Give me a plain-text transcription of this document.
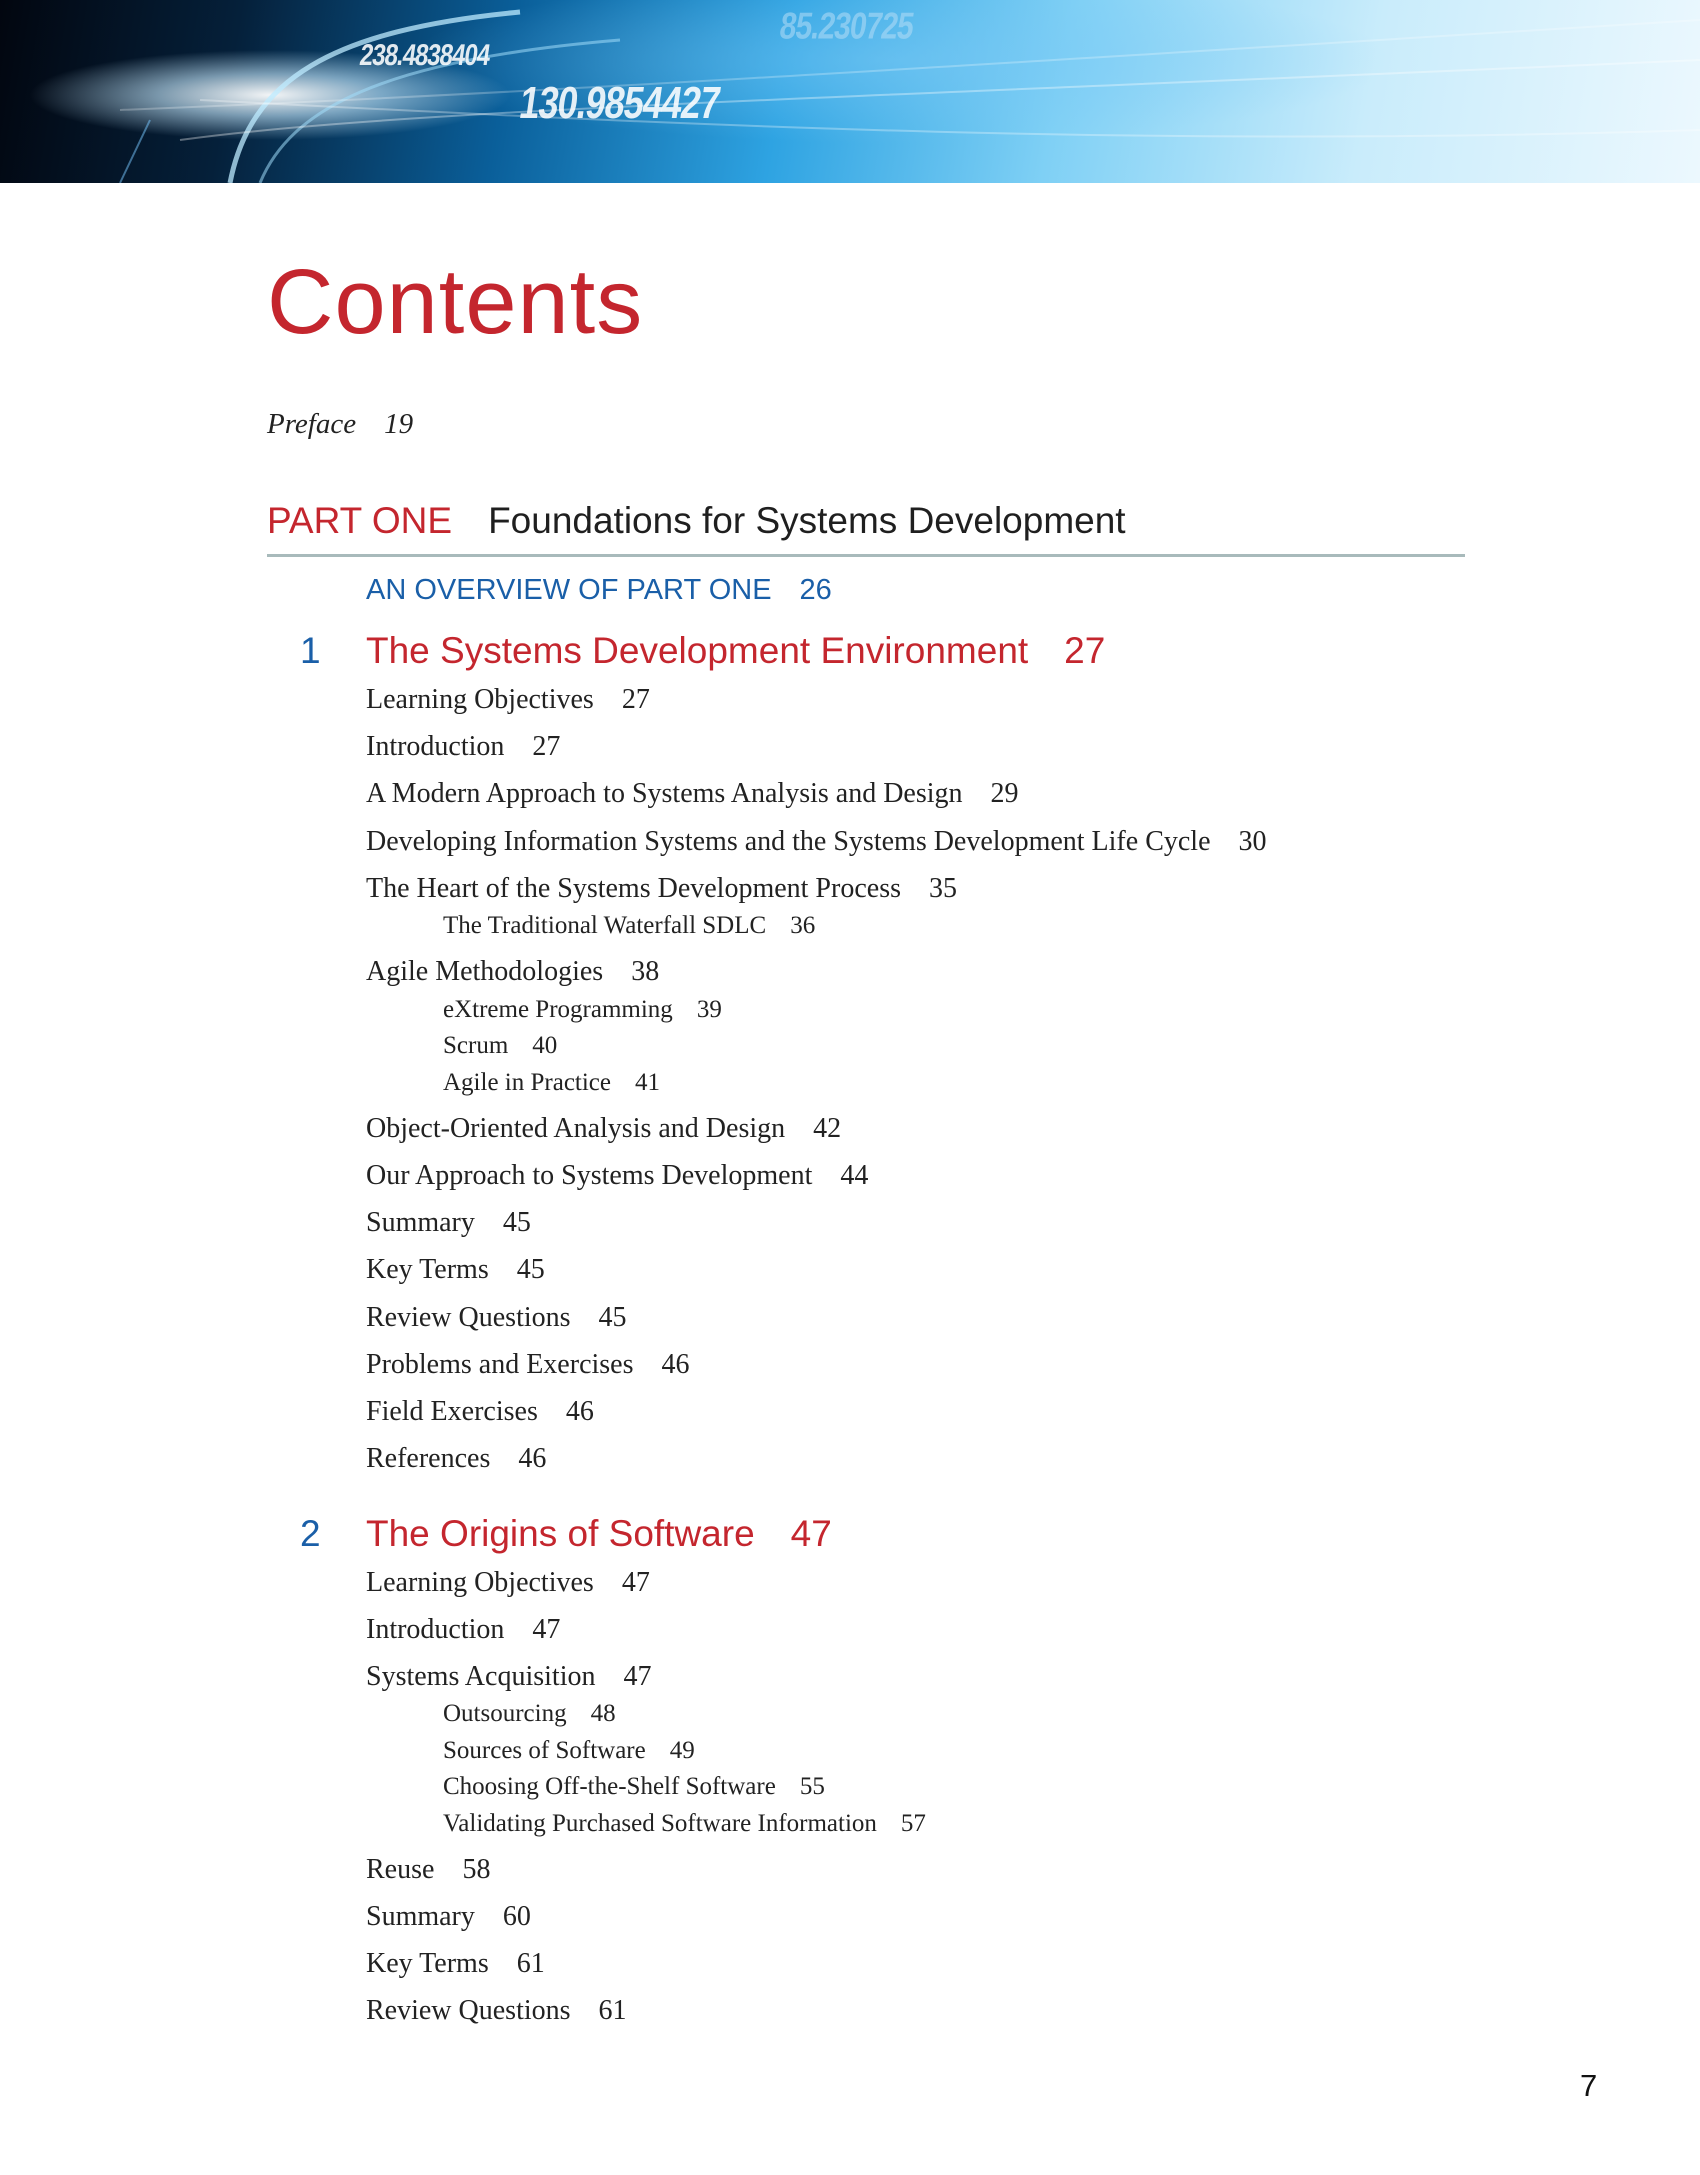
238.4838404
130.9854427
85.230725
Contents
Preface 19
PART ONE Foundations for Systems Development
AN OVERVIEW OF PART ONE 26
1 The Systems Development Environment 27
Learning Objectives 27
Introduction 27
A Modern Approach to Systems Analysis and Design 29
Developing Information Systems and the Systems Development Life Cycle 30
The Heart of the Systems Development Process 35
The Traditional Waterfall SDLC 36
Agile Methodologies 38
eXtreme Programming 39
Scrum 40
Agile in Practice 41
Object-Oriented Analysis and Design 42
Our Approach to Systems Development 44
Summary 45
Key Terms 45
Review Questions 45
Problems and Exercises 46
Field Exercises 46
References 46
2 The Origins of Software 47
Learning Objectives 47
Introduction 47
Systems Acquisition 47
Outsourcing 48
Sources of Software 49
Choosing Off-the-Shelf Software 55
Validating Purchased Software Information 57
Reuse 58
Summary 60
Key Terms 61
Review Questions 61
7
